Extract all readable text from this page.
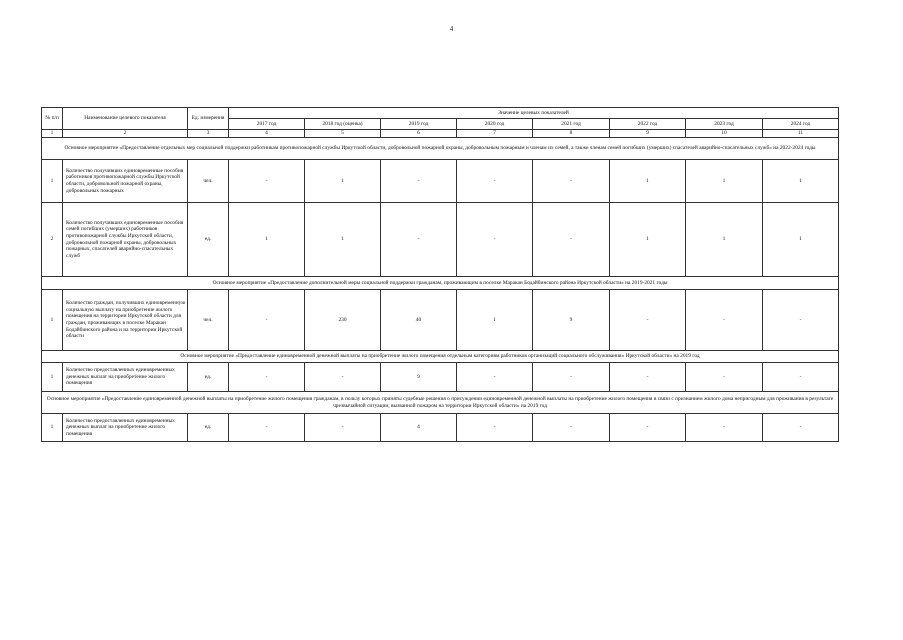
4
№ п/п	Наименование целевого показателя	Ед. измерения	Значение целевых показателей							
			2017 год	2018 год (оценка)	2019 год	2020 год	2021 год	2022 год	2023 год	2024 год
1	2	3	4	5	6	7	8	9	10	11
Основное мероприятие «Предоставление отдельных мер социальной поддержки работникам противопожарной службы Иркутской области, добровольной пожарной охраны, добровольным пожарным и членам их семей, а также членам семей погибших (умерших) спасателей аварийно-спасательных служб» на 2022-2024 годы										
1	Количество получивших единовременные пособия работников противопожарной службы Иркутской области, добровольной пожарной охраны, добровольных пожарных	чел.	-	1	-	-	-	1	1	1
2	Количество получивших единовременные пособия семей погибших (умерших) работников противопожарной службы Иркутской области, добровольной пожарной охраны, добровольных пожарных, спасателей аварийно-спасательных служб	ед.	1	1	-	-	-	1	1	1
Основное мероприятие «Предоставление дополнительной меры социальной поддержки гражданам, проживающим в поселке Маракан Бодайбинского района Иркутской области» на 2019-2021 годы										
1	Количество граждан, получивших единовременную социальную выплату на приобретение жилого помещения на территории Иркутской области для граждан, проживающих в поселке Маракан Бодайбинского района и на территории Иркутской области	чел.	-	230	40	1	9	-	-	-
Основное мероприятие «Предоставление единовременной денежной выплаты на приобретение жилого помещения отдельным категориям работников организаций социального обслуживания» Иркутской области» на 2019 год										
1	Количество предоставленных единовременных денежных выплат на приобретение жилого помещения	ед.	-	-	9	-	-	-	-	-
Основное мероприятие «Предоставление единовременной денежной выплаты на приобретение жилого помещения гражданам, в пользу которых приняты судебные решения о присуждении единовременной денежной выплаты на приобретение жилого помещения в связи с признанием жилого дома непригодным для проживания в результате чрезвычайной ситуации, вызванной пожаром на территории Иркутской области» на 2019 год										
1	Количество предоставленных единовременных денежных выплат на приобретение жилого помещения	ед.	-	-	4	-	-	-	-	-
